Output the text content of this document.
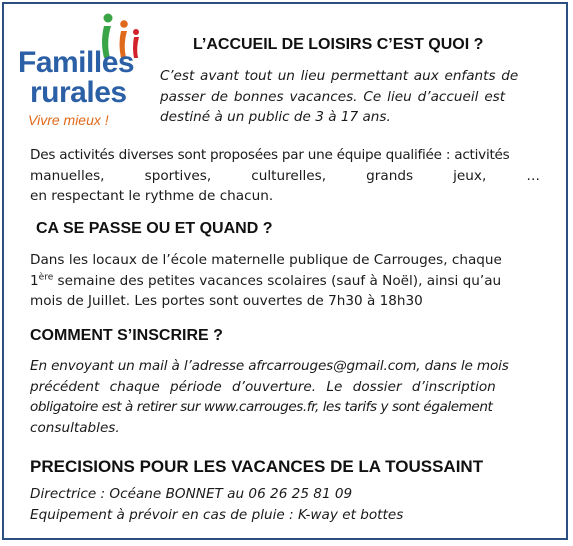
Familles
rurales
Vivre mieux !
L’ACCUEIL DE LOISIRS C’EST QUOI ?
C’est avant tout un lieu permettant aux enfants de
passer de bonnes vacances. Ce lieu d’accueil est
destiné à un public de 3 à 17 ans.
Des activités diverses sont proposées par une équipe qualifiée : activités
manuelles,	sportives,	culturelles,	grands	jeux,	…
en respectant le rythme de chacun.
CA SE PASSE OU ET QUAND ?
Dans les locaux de l’école maternelle publique de Carrouges, chaque
1ère semaine des petites vacances scolaires (sauf à Noël), ainsi qu’au
mois de Juillet. Les portes sont ouvertes de 7h30 à 18h30
COMMENT S’INSCRIRE ?
En envoyant un mail à l’adresse afrcarrouges@gmail.com, dans le mois
précédent chaque période d’ouverture. Le dossier d’inscription
obligatoire est à retirer sur www.carrouges.fr, les tarifs y sont également
consultables.
PRECISIONS POUR LES VACANCES DE LA TOUSSAINT
Directrice : Océane BONNET au 06 26 25 81 09
Equipement à prévoir en cas de pluie : K-way et bottes
